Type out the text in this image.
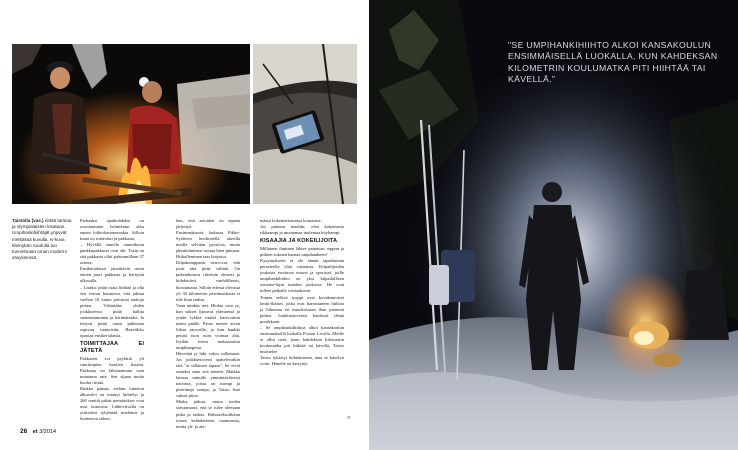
Taistolla (vas.) riittää tarinaa ja olympialaisten kisataan. Umpihankihiihtäjät yöpyvät metsässä kuvulla. Iv-kuva kännykän ruudulla tuo tunnelmaan oman moderni sävyksensä.

Parhaaksi ajankohdaksi on osoittautunut helmikuun alku ennen hiihtolomasesonkia. Silloin lunta on riittävästi ja pakkasta,

– Hyvällä onnella tammikuun paukkupakkaset ovat ohi. Tosin on sitä pakkasta ollut pahimmillaan 37 astetta.

Ensikertalaiset jännittävät usein eniten juuri pakkasta ja leiriytitä ulkosalla.

– Lisäksi pitää osata hiihtää ja olla sen verran kunnossa, että jaksaa vaeltaa 10 tuntia päivässä taukoja pitäen. Vähintään yhden joukkueessa pitää hallita suunnistaminen ja leirintätaidot. Ja tietysti pitää osata pukeutua sopivan vaatteisiin, Haaviikko opastaa ensikertalaista.

TOIMITTAJAA EI JÄTETÄ

Pakkasen voi pyyhkiä yli suuriimpien huolien listalta. Pakkasta on lähtöaamuna vain muutama aste. Sen sijaan muita huolia riittää.

Rinkka painaa, eteläm lumeton alkuvalvi on estänyt hiihtelyt ja 260 senttiä pitkät metsäsukset ovat uusi tuttavuus. Lähtöviivalla on yrittetävä tyhjentää mielensä ja luottetava siihen,

hen, että asioiden on tapana järjestyä.

Ensimmäisessä laskusta Pikku-Syötteen huoltotiellä alavilla mailla selvitän pystyssä, mutta jänniittäminen nostaa hien pintaan. Hiikolleminen taas hurjassa.

Kilpakumppanit neuvovat, että juuri tätä pitää välttää. On pukeuduttava riittävän ohuesti ja hiihdettävä vauhdilleesti, hiostumatta. Silloin edessä olevasta yli 30 kilometrin päivämatkasta ei tule liian raskas.

Vaan minkäs teet. Hiukiu vain yy, kun sukset lipsuvat ylämäessä ja yritän lykkiä rinteiä käsivoimin mäen päälle. Paino menee aivan liikaa sauvoille, ja kun hankki pettää tuon tuon voimaa alta, löydän itseni makaamasta umpihangesta.

Hävettää ja hiki valuu solkenaan. Jos joukkuetoverit ajattelevatkin että "ai tällainen tapaus", he eivät onneksi sano sitä ääneen. Matkka laimaa minulle ymmärtäväisesti nasvana, joissa on isompi ja pitävämpi sompa, ja Taisto leuä sukusi pitoa.

Matka jatkuu, mutta tiedän saivaamasti, että se tulee olemaan pitkä ja raskas. Hiihtoreksolikkan toisen kehtalaisensi taunmasita, mutta yli- ja ala-

mässä kokemattomassa kontastua.

Jos päässen maaliin, olen kokemusta rikkaampi ja muutamaa tuulentaa köyhempi.

KISAAJIA JA KOKEILIJOITA

Millainen ihminen lähtee painavan reppun ja pitkien suksien kanssa umpihankeen?

Kysymykseen ei ole tämän tapahtuman perusteella yhtä vastausta. Kilpailijoiden joukosta erottuvat nuoret ja sportiset, joille umpihankihiihto on yksi kilpailullisen extreme-lajin muiden joukossa. He ovat tulleet paikalle voittaakseen.

Toinen selkeä tyyppi ovat kovakuntoiset keski-ikäiset, jotka ovat harrastaneen hiihtoa ja liikuntaa eri muodoissaan ihan pienestä pitäen. Joukkuetoverini kuuluvat tähän porukkaan.

– Se umpihankihiihtoa alkoi kansakoulun ensimmäisellä luokalla Posion Livolla. Meille ei ollut tietä, joten kahdeksan kilometrin koulumatka piti hiihtää tai kävellä, Taisto muistelee.

Taisto tykästyi hiihtämiseen, aina se kävelyn voitti. Hänelle on kertynyt

»
26 et 3/2014
"SE UMPIHANKIHIIHTO ALKOI KANSAKOULUN ENSIMMÄISELLÄ LUOKALLA, KUN KAHDEKSAN KILOMETRIN KOULUMATKA PITI HIIHTÄÄ TAI KÄVELLÄ."
